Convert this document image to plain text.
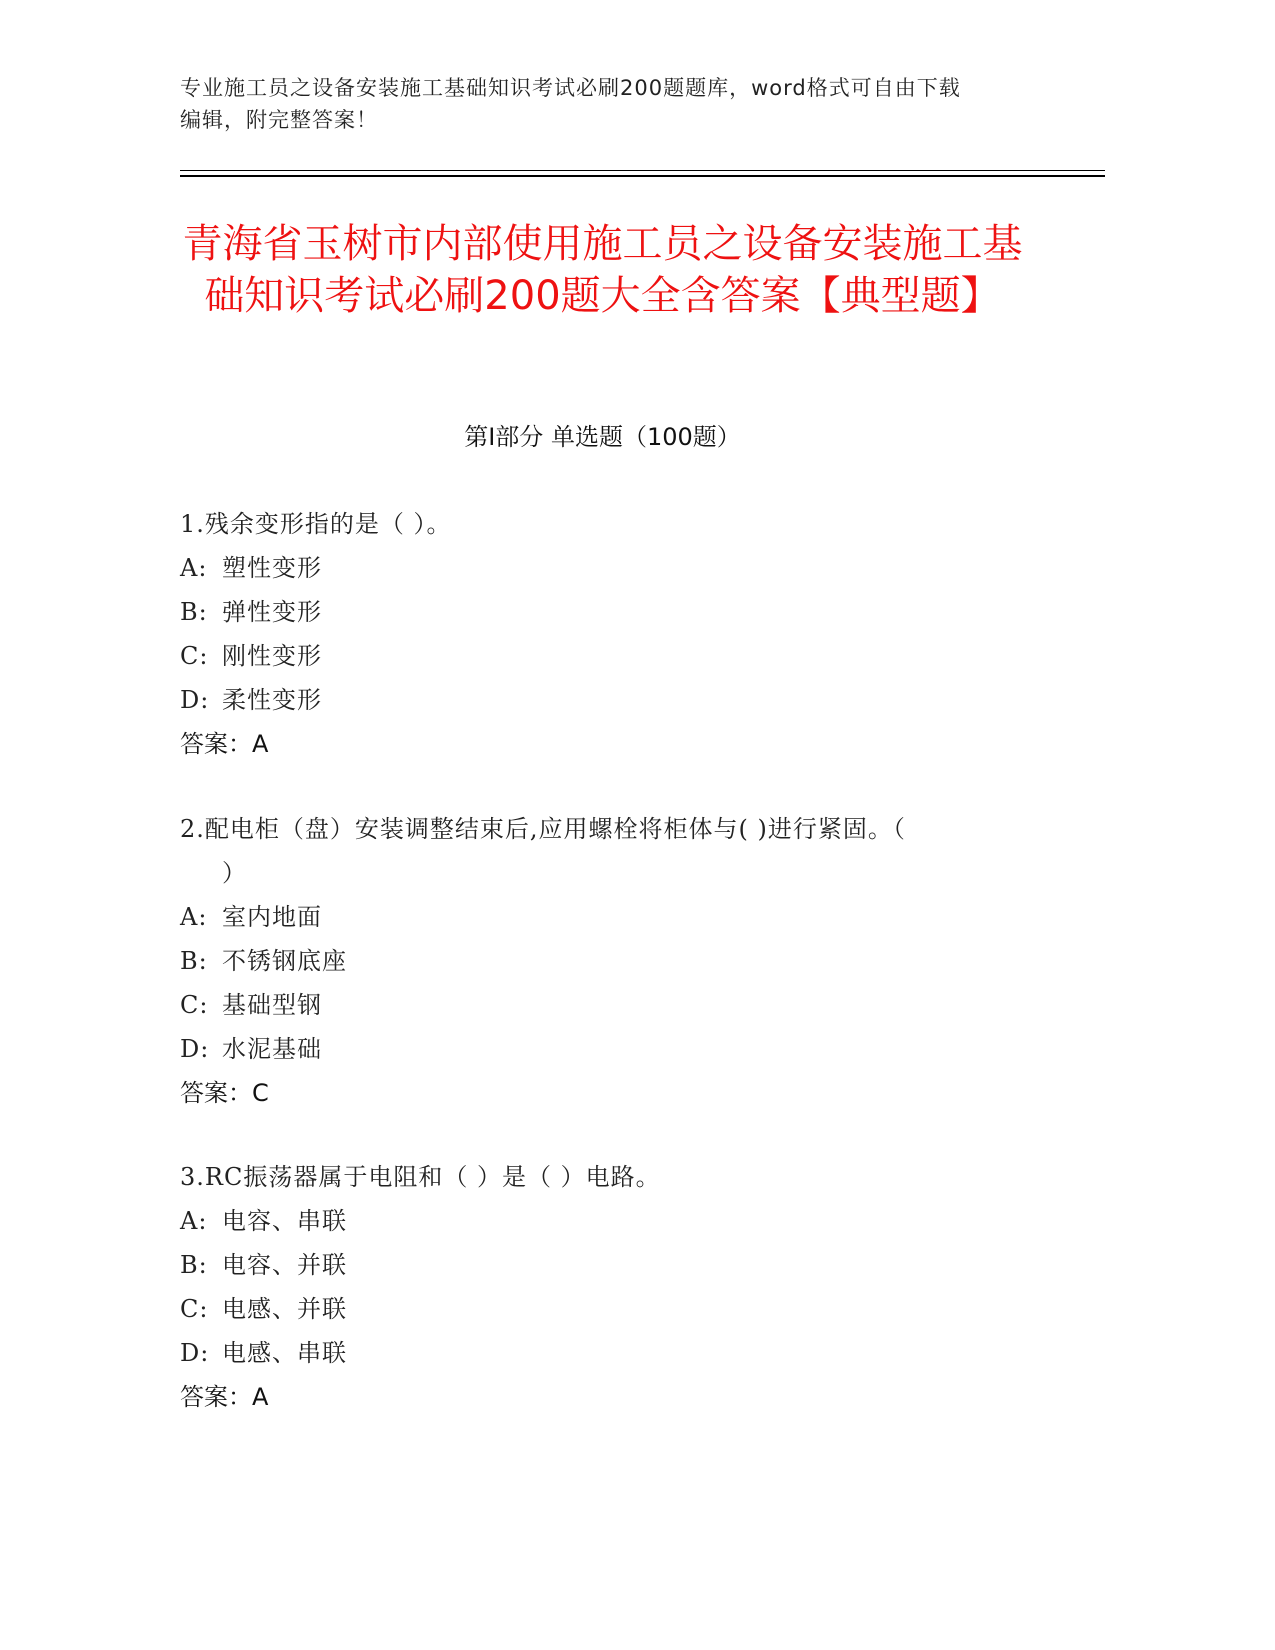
专业施工员之设备安装施工基础知识考试必刷200题题库，word格式可自由下载
编辑，附完整答案！
青海省玉树市内部使用施工员之设备安装施工基础知识考试必刷200题大全含答案【典型题】
第Ⅰ部分 单选题（100题）
1.残余变形指的是（ ）。
A: 塑性变形
B: 弹性变形
C: 刚性变形
D: 柔性变形
答案：A
2.配电柜（盘）安装调整结束后,应用螺栓将柜体与( )进行紧固。（
）
A: 室内地面
B: 不锈钢底座
C: 基础型钢
D: 水泥基础
答案：C
3.RC振荡器属于电阻和（ ）是（ ）电路。
A: 电容、串联
B: 电容、并联
C: 电感、并联
D: 电感、串联
答案：A
